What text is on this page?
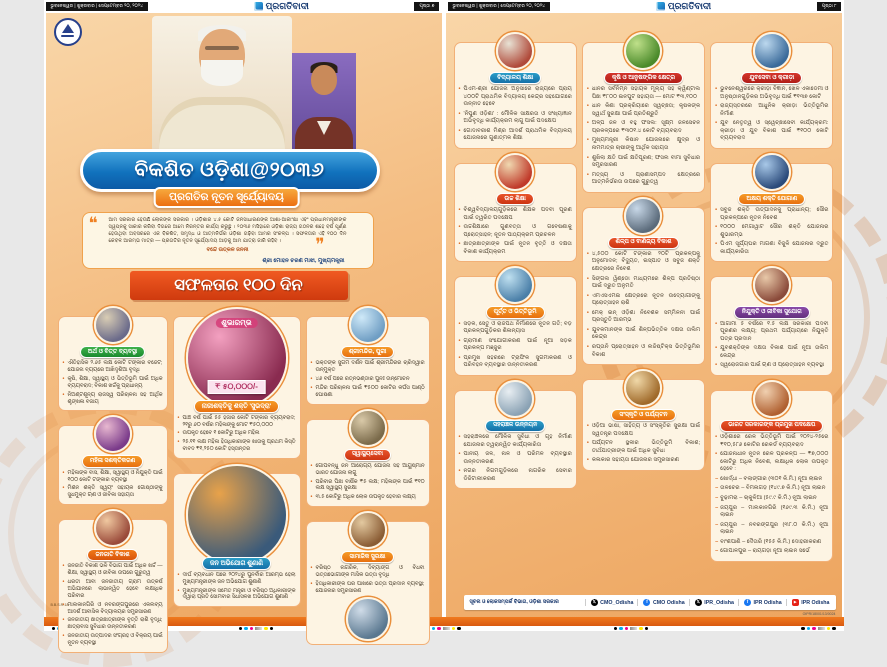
ଭୁବନେଶ୍ୱର | ଶୁକ୍ରବାର | ସେପ୍ଟେମ୍ବର ୨୦, ୨୦୨୪	ପ୍ରଗତିବାଦୀ	ପୃଷ୍ଠା ୭	ଭୁବନେଶ୍ୱର | ଶୁକ୍ରବାର | ସେପ୍ଟେମ୍ବର ୨୦, ୨୦୨୪	ପ୍ରଗତିବାଦୀ	ପୃଷ୍ଠା ୮
ବିକଶିତ ଓଡ଼ିଶା@୨୦୩୬
ପ୍ରଗତିର ନୂତନ ସୂର୍ଯ୍ୟୋଦୟ
❝ ଆମ ସରକାର ହେଉଛି ଲୋକଙ୍କ ସରକାର । ଓଡ଼ିଶାର ୪.୫ କୋଟି ଜନସାଧାରଣଙ୍କ ଆଶା-ଆକାଂକ୍ଷା ଏବଂ ପ୍ରଧାନମନ୍ତ୍ରୀଙ୍କ ସ୍ୱପ୍ନକୁ ସାକାର କରିବା ଦିଗରେ ଆମେ ନିରନ୍ତର କାର୍ଯ୍ୟ କରୁଛୁ । ୨୦୩୬ ମସିହାରେ ଓଡ଼ିଶା ରାଜ୍ୟ ଗଠନର ଶହେ ବର୍ଷ ପୂର୍ଣ୍ଣ ହେଉଥିବା ଅବସରରେ ଏକ ବିକଶିତ, ସମୃଦ୍ଧ ଓ ଆତ୍ମନିର୍ଭର ଓଡ଼ିଶା ଗଢ଼ିବା ଆମର ସଂକଳ୍ପ । ସଫଳତାର ଏହି ୧୦୦ ଦିନ କେବଳ ଆରମ୍ଭ ମାତ୍ର — ପ୍ରଗତିର ନୂତନ ସୂର୍ଯ୍ୟୋଦୟ ଆଡ଼କୁ ଆମ ଯାତ୍ରା ଜାରି ରହିବ ।	❞
ବନ୍ଦେ ଉତ୍କଳ ଜନନୀ
ଶ୍ରୀ ମୋହନ ଚରଣ ମାଝୀ, ମୁଖ୍ୟମନ୍ତ୍ରୀ
ସଫଳତାର ୧୦୦ ଦିନ
ଅର୍ଥ ଓ ବିତ୍ତ ବ୍ୟବସ୍ଥା
• ଐତିହାସିକ ୨.୬୫ ଲକ୍ଷ କୋଟି ଟଙ୍କାର ବଜେଟ; ଯୋଜନା ବ୍ୟୟରେ ଆଖିଦୃଶିଆ ବୃଦ୍ଧି
• କୃଷି, ଶିକ୍ଷା, ସ୍ୱାସ୍ଥ୍ୟ ଓ ଭିତ୍ତିଭୂମି ପାଇଁ ଅଧିକ ବ୍ୟୟବରାଦ; ବିକାଶ ଖର୍ଚ୍ଚକୁ ପ୍ରାଧାନ୍ୟ
• ନିଅଣ୍ଟଶୂନ୍ୟ ରାଜସ୍ୱ ପରିଚାଳନା ସହ ଆର୍ଥିକ ଶୃଙ୍ଖଳା ବଜାୟ
ମହିଳା ସଶକ୍ତିକରଣ
• ମହିଳାଙ୍କ ବାସ, ଶିକ୍ଷା, ସ୍ୱାସ୍ଥ୍ୟ ଓ ନିଯୁକ୍ତି ପାଇଁ ୧୦୦ କୋଟି ଟଙ୍କାର ବ୍ୟବସ୍ଥା
• ମିଶନ ଶକ୍ତି ସ୍ୱୟଂ ସହାୟକ ଗୋଷ୍ଠୀଙ୍କୁ ସୁଧମୁକ୍ତ ଋଣ ଓ ଜୀବିକା ସହାୟତା
ଜନଜାତି ବିକାଶ
• ଜନଜାତି ବିକାଶ ଭଳି ବିଭାଗ ପାଇଁ ଅଧିକ ଖର୍ଚ୍ଚ — ଶିକ୍ଷା, ସ୍ୱାସ୍ଥ୍ୟ ଓ ଜୀବିକା ଉପରେ ଗୁରୁତ୍ୱ
• ଧରତୀ ଆବା ଜନଜାତୀୟ ଗ୍ରାମ ଉତ୍କର୍ଷ ଅଭିଯାନରେ ଲାଭାନ୍ୱିତ ହେବେ ଲକ୍ଷାଧିକ ପରିବାର
• ମାଲକାନଗିରି ଓ ନବରଙ୍ଗପୁରରେ ଏକଲବ୍ୟ ଆଦର୍ଶ ଆବାସିକ ବିଦ୍ୟାଳୟର ସମ୍ପ୍ରସାରଣ
• ଜନଜାତୀୟ ଛାତ୍ରଛାତ୍ରୀଙ୍କ ବୃତ୍ତି ରାଶି ବୃଦ୍ଧି; ଛାତ୍ରାବାସ ସୁବିଧାର ଉନ୍ନତୀକରଣ
• ଜନଜାତୀୟ ଉତ୍ପାଦର ସଂଗ୍ରହ ଓ ବିକ୍ରୟ ପାଇଁ ନୂତନ ବ୍ୟବସ୍ଥା
ଶୁଭାରମ୍ଭ
₹ ୫୦,୦୦୦/-
ନାରୀଶକ୍ତିକୁ ଶକ୍ତି 'ସୁଭଦ୍ରା'
• ପାଞ୍ଚ ବର୍ଷ ପାଇଁ ୫୫ ହଜାର କୋଟି ଟଙ୍କାର ବ୍ୟୟବରାଦ; ୨୧ରୁ ୬୦ ବର୍ଷର ମହିଳାଙ୍କୁ ମୋଟ ₹୫୦,୦୦୦
• ଉପକୃତ ହେବେ ୧ କୋଟିରୁ ଅଧିକ ମହିଳା
• ୨୫.୧୧ ଲକ୍ଷ ମହିଳା ହିତାଧିକାରୀଙ୍କ ଖାତାକୁ ପ୍ରଥମ କିସ୍ତି ବାବଦ ₹୧,୨୫୦ କୋଟି ହସ୍ତାନ୍ତର
ଜନ ଅଭିଯୋଗ ଶୁଣାଣି
• ଦୀର୍ଘ ବ୍ୟବଧାନ ପରେ ୨୦୨୪ରୁ ପୁନର୍ବାର ଆରମ୍ଭ ହେଲା ମୁଖ୍ୟମନ୍ତ୍ରୀଙ୍କ ଜନ ଅଭିଯୋଗ ଶୁଣାଣି
• ମୁଖ୍ୟମନ୍ତ୍ରୀଙ୍କ ସମେତ ମନ୍ତ୍ରୀ ଓ ବରିଷ୍ଠ ଅଧିକାରୀଙ୍କ ଦ୍ୱାରା ପ୍ରତି ସୋମବାର ସିଧାସଳଖ ଅଭିଯୋଗ ଶୁଣାଣି
ଶ୍ରୀମନ୍ଦିର, ପୁରୀ
• ଭକ୍ତଙ୍କ ସୁଗମ ଦର୍ଶନ ପାଇଁ ଶ୍ରୀମନ୍ଦିରର ଚାରିଦ୍ୱାର ଉନ୍ମୁକ୍ତ
• ୪୬ ବର୍ଷ ପରେ ରତ୍ନଭଣ୍ଡାର ପୁନଃ ଉନ୍ମୋଚନ
• ମନ୍ଦିର ପରିଚାଳନା ପାଇଁ ₹୫୦୦ କୋଟିର କର୍ପସ ପାଣ୍ଠି ଘୋଷଣା
ସ୍ୱାସ୍ଥ୍ୟସେବା
• ଗୋପବନ୍ଧୁ ଜନ ଆରୋଗ୍ୟ ଯୋଜନା ସହ ଆୟୁଷ୍ମାନ ଭାରତ ଯୋଜନା ଲାଗୁ
• ପରିବାର ପିଛା ବାର୍ଷିକ ₹୫ ଲକ୍ଷ; ମହିଳାଙ୍କ ପାଇଁ ₹୧୦ ଲକ୍ଷ ସ୍ୱାସ୍ଥ୍ୟ ସୁରକ୍ଷା
• ୩.୫ କୋଟିରୁ ଅଧିକ ଲୋକ ଉପକୃତ ହେବାର ଲକ୍ଷ୍ୟ
ସାମାଜିକ ସୁରକ୍ଷା
• ବରିଷ୍ଠ ନାଗରିକ, ଦିବ୍ୟାଙ୍ଗ ଓ ବିଧବା ଭତ୍ତାଭୋଗୀଙ୍କ ମାସିକ ଭତ୍ତା ବୃଦ୍ଧି
• ହିତାଧିକାରୀଙ୍କ ଘର ପାଖରେ ଭତ୍ତା ପ୍ରଦାନ ବ୍ୟବସ୍ଥା; ଯୋଜନାର ସମ୍ପ୍ରସାରଣ
B.B.S.R-18
ବିଦ୍ୟାଳୟ ଶିକ୍ଷା
• ପିଏମ-ଶ୍ରୀ ଯୋଜନା ଅନୁସାରେ ରାଜ୍ୟରେ ପ୍ରାୟ ୪୦୦ଟି ପ୍ରାଥମିକ ବିଦ୍ୟାଳୟ କେନ୍ଦ୍ର ସହଯୋଗରେ ଉନ୍ନୀତ ହେବେ
• 'ନିପୁଣ ଓଡ଼ିଶା' : ମୌଳିକ ସାକ୍ଷରତା ଓ ସଂଖ୍ୟାଜ୍ଞାନ ଅଭିବୃଦ୍ଧି କାର୍ଯ୍ୟକ୍ରମ ଲାଗୁ ପାଇଁ ପଦକ୍ଷେପ
• ଗୋଦାବରୀଶ ମିଶ୍ର ଆଦର୍ଶ ପ୍ରାଥମିକ ବିଦ୍ୟାଳୟ ଯୋଜନାରେ ଗୁଣାତ୍ମକ ଶିକ୍ଷା
ଉଚ୍ଚ ଶିକ୍ଷା
• ବିଶ୍ୱବିଦ୍ୟାଳୟଗୁଡ଼ିକରେ ଶିକ୍ଷକ ପଦବୀ ପୂରଣ ପାଇଁ ତ୍ୱରିତ ପଦକ୍ଷେପ
• ଉଚ୍ଚଶିକ୍ଷାରେ ଗୁଣବତ୍ତା ଓ ଗବେଷଣାକୁ ପ୍ରୋତ୍ସାହନ; ନୂତନ ପାଠ୍ୟକ୍ରମ ପ୍ରଚଳନ
• ଛାତ୍ରଛାତ୍ରୀଙ୍କ ପାଇଁ ନୂତନ ବୃତ୍ତି ଓ ଦକ୍ଷତା ବିକାଶ କାର୍ଯ୍ୟକ୍ରମ
ପୂର୍ତ୍ତ ଓ ଭିତ୍ତିଭୂମି
• ସଡ଼କ, ସେତୁ ଓ ରାଜପଥ ନିର୍ମାଣରେ ନୂତନ ଗତି; ବଡ଼ ପ୍ରକଳ୍ପଗୁଡ଼ିକର ଶିଳାନ୍ୟାସ
• ଗ୍ରାମୀଣ ସଂଯୋଗୀକରଣ ପାଇଁ ନୂଆ ସଡ଼କ ପ୍ରକଳ୍ପ ମଞ୍ଜୁର
• ପ୍ରମୁଖ ସହରରେ ଟ୍ରାଫିକ ସୁଗମୀକରଣ ଓ ପରିବହନ ବ୍ୟବସ୍ଥାର ଉନ୍ନତୀକରଣ
ସହରାଞ୍ଚଳ ଉନ୍ନୟନ
• ସହରାଞ୍ଚଳରେ ମୌଳିକ ସୁବିଧା ଓ ଗୃହ ନିର୍ମାଣ ଯୋଜନାର ତ୍ୱରାନ୍ୱିତ କାର୍ଯ୍ୟକାରିତା
• ପାନୀୟ ଜଳ, ନାଳ ଓ ପରିମଳ ବ୍ୟବସ୍ଥାର ଉନ୍ନତୀକରଣ
• ନଗର ନିଗମଗୁଡ଼ିକରେ ନାଗରିକ ସେବାର ଡିଜିଟାଲୀକରଣ
କୃଷି ଓ ଆନୁଷଙ୍ଗିକ କ୍ଷେତ୍ର
• ଧାନର ସର୍ବନିମ୍ନ ସହାୟକ ମୂଲ୍ୟ ସହ କ୍ୱିଣ୍ଟାଲ ପିଛା ₹୮୦୦ ଇନପୁଟ ସହାୟତା — ମୋଟ ₹୩,୧୦୦
• ଧାନ କିଣା ପ୍ରକ୍ରିୟାରେ ସ୍ୱଚ୍ଛତା; କୃଷକଙ୍କ ସ୍ୱାର୍ଥ ସୁରକ୍ଷା ପାଇଁ ପ୍ରତିଶ୍ରୁତି
• ଅଳ୍ପ ଜଳ ଓ ବହୁ ଫସଲ: ସୂକ୍ଷ୍ମ ଜଳସେଚନ ପ୍ରକଳ୍ପରେ ₹୩୦୧.୪ କୋଟି ବ୍ୟୟବରାଦ
• ମୁଖ୍ୟମନ୍ତ୍ରୀ କିଷାନ ଯୋଜନାରେ କ୍ଷୁଦ୍ର ଓ ନାମମାତ୍ର ଚାଷୀଙ୍କୁ ଆର୍ଥିକ ସହାୟତା
• ଶୁଖିଲା କ୍ଷତି ପାଇଁ କ୍ଷତିପୂରଣ; ଫସଲ ବୀମା ସୁବିଧାର ସମ୍ପ୍ରସାରଣ
• ମତ୍ସ୍ୟ ଓ ପ୍ରାଣୀସମ୍ପଦ କ୍ଷେତ୍ରରେ ଆତ୍ମନିର୍ଭରତା ଉପରେ ଗୁରୁତ୍ୱ
ଶିଳ୍ପ ଓ ବାଣିଜ୍ୟ ବିକାଶ
• ୪,୫୦୦ କୋଟି ଟଙ୍କାର ୨୦ଟି ପ୍ରକଳ୍ପକୁ ଅନୁମୋଦନ; ବିଦ୍ୟୁତ, ଇସ୍ପାତ ଓ ସବୁଜ ଶକ୍ତି କ୍ଷେତ୍ରରେ ନିବେଶ
• ସିଙ୍ଗଲ ୱିଣ୍ଡୋ ମାଧ୍ୟମରେ ଶିଳ୍ପ ପ୍ରତିଷ୍ଠା ପାଇଁ ଦ୍ରୁତ ଅନୁମତି
• ଏମଏସଏମଇ କ୍ଷେତ୍ରରେ ନୂତନ ଉଦ୍ୟୋଗୀଙ୍କୁ ପ୍ରୋତ୍ସାହନ ରାଶି
• ମେକ୍ ଇନ୍ ଓଡ଼ିଶା ନିବେଶକ ସମ୍ମିଳନୀ ପାଇଁ ପ୍ରସ୍ତୁତି ଆରମ୍ଭ
• ଯୁବକମାନଙ୍କ ପାଇଁ ଶିଳ୍ପଭିତ୍ତିକ ଦକ୍ଷତା ତାଲିମ କେନ୍ଦ୍ର
• ରପ୍ତାନି ପ୍ରୋତ୍ସାହନ ଓ ଲଜିଷ୍ଟିକ୍ସ ଭିତ୍ତିଭୂମିର ବିକାଶ
ସଂସ୍କୃତି ଓ ପର୍ଯ୍ୟଟନ
• ଓଡ଼ିଆ ଭାଷା, ସାହିତ୍ୟ ଓ ସଂସ୍କୃତିର ସୁରକ୍ଷା ପାଇଁ ସ୍ୱତନ୍ତ୍ର ପଦକ୍ଷେପ
• ପର୍ଯ୍ୟଟନ ସ୍ଥଳୀର ଭିତ୍ତିଭୂମି ବିକାଶ; ତୀର୍ଥଯାତ୍ରୀଙ୍କ ପାଇଁ ଅଧିକ ସୁବିଧା
• କଳାକାର ସହାୟତା ଯୋଜନାର ସମ୍ପ୍ରସାରଣ
ଯୁବସେବା ଓ କ୍ରୀଡ଼ା
• ଭୁବନେଶ୍ୱରରେ କ୍ରୀଡ଼ା ବିଜ୍ଞାନ, ଖେଳ ଏକାଡେମୀ ଓ ଅନୁଷ୍ଠାନଗୁଡ଼ିକର ଅଭିବୃଦ୍ଧି ପାଇଁ ₹୧୩୭ କୋଟି
• ରାଜ୍ୟସ୍ତରରେ ଆଧୁନିକ କ୍ରୀଡ଼ା ଭିତ୍ତିଭୂମିର ନିର୍ମାଣ
• ଯୁବ ନେତୃତ୍ୱ ଓ ସ୍ୱେଚ୍ଛାସେବୀ କାର୍ଯ୍ୟକ୍ରମ: କ୍ରୀଡ଼ା ଓ ଯୁବ ବିକାଶ ପାଇଁ ₹୧୦୦ କୋଟି ବ୍ୟୟବରାଦ
ଅକ୍ଷୟ ଶକ୍ତି ଯୋଗାଣ
• ସବୁଜ ଶକ୍ତି ଉତ୍ପାଦନକୁ ପ୍ରାଧାନ୍ୟ; ସୌର ପ୍ରକଳ୍ପରେ ନୂତନ ନିବେଶ
• ୧୦୦୦ ମେଗାୱାଟ ସୌର ଶକ୍ତି ଯୋଜନାର ଶୁଭାରମ୍ଭ
• ପିଏମ ସୂର୍ଯ୍ୟଘର ମାଗଣା ବିଜୁଳି ଯୋଜନାର ଦ୍ରୁତ କାର୍ଯ୍ୟକାରିତା
ନିଯୁକ୍ତି ଓ ଜୀବିକା ସୁଯୋଗ
• ଆଗାମୀ ୫ ବର୍ଷରେ ୧.୫ ଲକ୍ଷ ସରକାରୀ ପଦବୀ ପୂରଣର ଲକ୍ଷ୍ୟ; ପ୍ରଥମ ପର୍ଯ୍ୟାୟରେ ନିଯୁକ୍ତି ପତ୍ର ପ୍ରଦାନ
• ଯୁବଶକ୍ତିଙ୍କ ଦକ୍ଷତା ବିକାଶ ପାଇଁ ନୂଆ ତାଲିମ କେନ୍ଦ୍ର
• ସ୍ୱରୋଜଗାର ପାଇଁ ଋଣ ଓ ପ୍ରୋତ୍ସାହନ ବ୍ୟବସ୍ଥା
ଭାରତ ସରକାରଙ୍କ ପ୍ରମୁଖ ପଦକ୍ଷେପ
• ଓଡ଼ିଶାରେ ରେଳ ଭିତ୍ତିଭୂମି ପାଇଁ ୨୦୨୪-୨୫ରେ ₹୧୦,୫୮୬ କୋଟିର ରେକର୍ଡ ବ୍ୟୟବରାଦ
• ଯୋଜନାଧୀନ ନୂତନ ରେଳ ପ୍ରକଳ୍ପ — ₹୭,୦୦୦ କୋଟିରୁ ଅଧିକ ନିବେଶ, ଲକ୍ଷାଧିକ ଲୋକ ଉପକୃତ ହେବେ :
– ଖୋର୍ଦ୍ଧା – ବଲାଙ୍ଗୀର (୩୦୧ କି.ମି.) ନୂଆ ଲାଇନ
– ତାଳଚେର – ବିମଳାଗଡ଼ (୧୪୯.୭ କି.ମି.) ନୂଆ ଲାଇନ
– ବୁଢ଼ାମରା – ଚାକୁଳିଆ (୫୯.୯ କି.ମି.) ନୂଆ ଲାଇନ
– ଜୟପୁର – ମାଲକାନଗିରି (୧୬୯.୩ କି.ମି.) ନୂଆ ଲାଇନ
– ଜୟପୁର – ନବରଙ୍ଗପୁର (୩୮.୦ କି.ମି.) ନୂଆ ଲାଇନ
– ବାଂଶପାଣି – ଦୈତାରି (୧୫୫ କି.ମି.) ଦୋହରୀକରଣ
– ଗୋପାଳପୁର – ରାୟଗଡ଼ା ନୂଆ ଲାଇନ ସର୍ଭେ
ସୂଚନା ଓ ଲୋକସମ୍ପର୍କ ବିଭାଗ, ଓଡ଼ିଶା ସରକାର	𝕏 CMO_Odisha	f CMO Odisha	𝕏 IPR_Odisha	f IPR Odisha	▶ IPR Odisha
OIPR/18001/13/0024
